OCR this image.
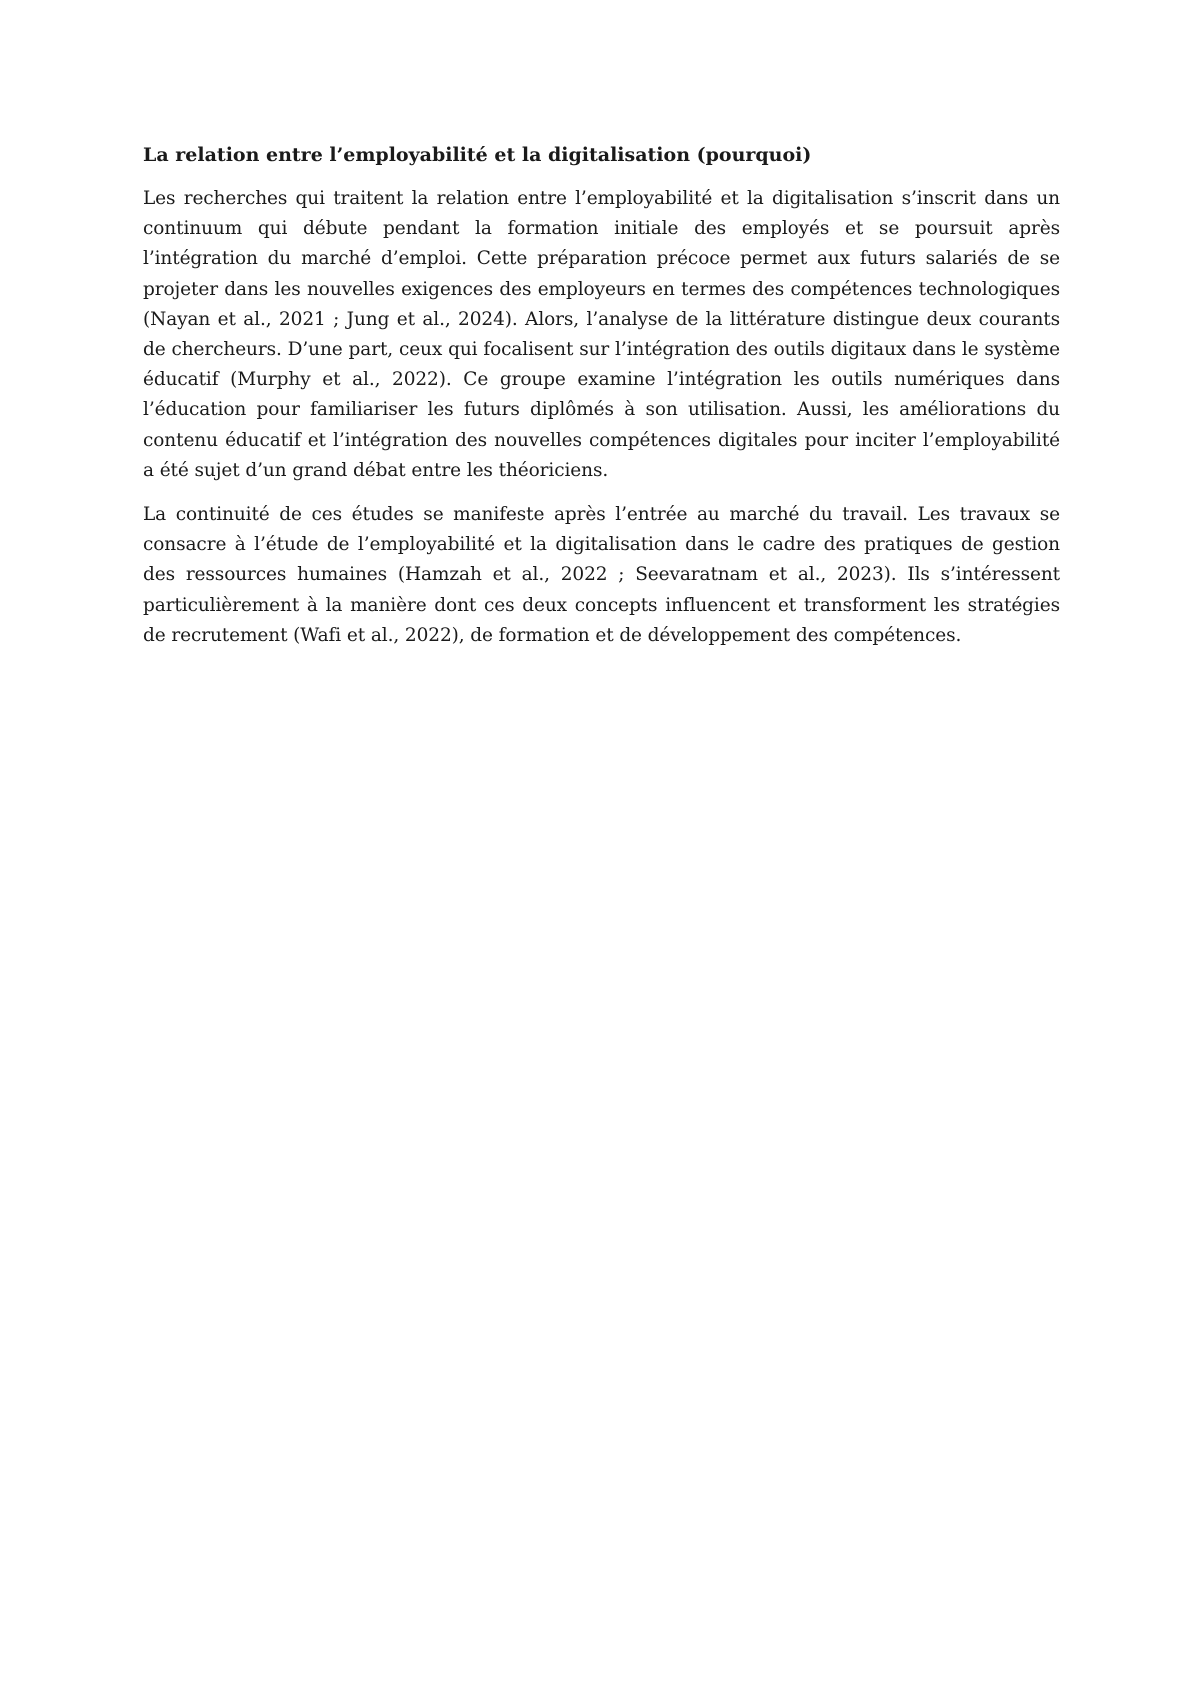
La relation entre l’employabilité et la digitalisation (pourquoi)

Les recherches qui traitent la relation entre l’employabilité et la digitalisation s’inscrit dans un continuum qui débute pendant la formation initiale des employés et se poursuit après l’intégration du marché d’emploi. Cette préparation précoce permet aux futurs salariés de se projeter dans les nouvelles exigences des employeurs en termes des compétences technologiques (Nayan et al., 2021 ; Jung et al., 2024). Alors, l’analyse de la littérature distingue deux courants de chercheurs. D’une part, ceux qui focalisent sur l’intégration des outils digitaux dans le système éducatif (Murphy et al., 2022). Ce groupe examine l’intégration les outils numériques dans l’éducation pour familiariser les futurs diplômés à son utilisation. Aussi, les améliorations du contenu éducatif et l’intégration des nouvelles compétences digitales pour inciter l’employabilité a été sujet d’un grand débat entre les théoriciens.

La continuité de ces études se manifeste après l’entrée au marché du travail. Les travaux se consacre à l’étude de l’employabilité et la digitalisation dans le cadre des pratiques de gestion des ressources humaines (Hamzah et al., 2022 ; Seevaratnam et al., 2023). Ils s’intéressent particulièrement à la manière dont ces deux concepts influencent et transforment les stratégies de recrutement (Wafi et al., 2022), de formation et de développement des compétences.
